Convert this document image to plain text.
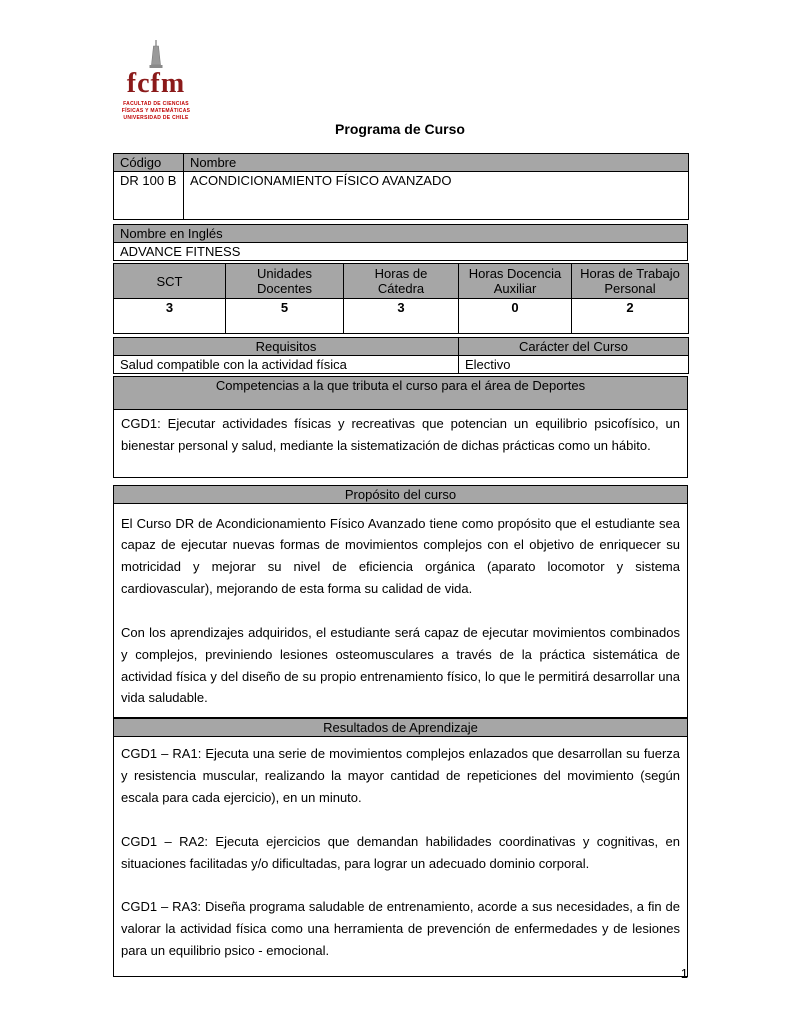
fcfm
FACULTAD DE CIENCIAS
FÍSICAS Y MATEMÁTICAS
UNIVERSIDAD DE CHILE
Programa de Curso
Código	Nombre
DR 100 B	ACONDICIONAMIENTO FÍSICO AVANZADO
Nombre en Inglés
ADVANCE FITNESS
SCT	Unidades Docentes	Horas de Cátedra	Horas Docencia Auxiliar	Horas de Trabajo Personal
3	5	3	0	2
Requisitos	Carácter del Curso
Salud compatible con la actividad física	Electivo
Competencias a la que tributa el curso para el área de Deportes
CGD1: Ejecutar actividades físicas y recreativas que potencian un equilibrio psicofísico, un bienestar personal y salud, mediante la sistematización de dichas prácticas como un hábito.
Propósito del curso

El Curso DR de Acondicionamiento Físico Avanzado tiene como propósito que el estudiante sea capaz de ejecutar nuevas formas de movimientos complejos con el objetivo de enriquecer su motricidad y mejorar su nivel de eficiencia orgánica (aparato locomotor y sistema cardiovascular), mejorando de esta forma su calidad de vida.

Con los aprendizajes adquiridos, el estudiante será capaz de ejecutar movimientos combinados y complejos, previniendo lesiones osteomusculares a través de la práctica sistemática de actividad física y del diseño de su propio entrenamiento físico, lo que le permitirá desarrollar una vida saludable.

Resultados de Aprendizaje

CGD1 – RA1: Ejecuta una serie de movimientos complejos enlazados que desarrollan su fuerza y resistencia muscular, realizando la mayor cantidad de repeticiones del movimiento (según escala para cada ejercicio), en un minuto.

CGD1 – RA2: Ejecuta ejercicios que demandan habilidades coordinativas y cognitivas, en situaciones facilitadas y/o dificultadas, para lograr un adecuado dominio corporal.

CGD1 – RA3: Diseña programa saludable de entrenamiento, acorde a sus necesidades, a fin de valorar la actividad física como una herramienta de prevención de enfermedades y de lesiones para un equilibrio psico - emocional.

1
